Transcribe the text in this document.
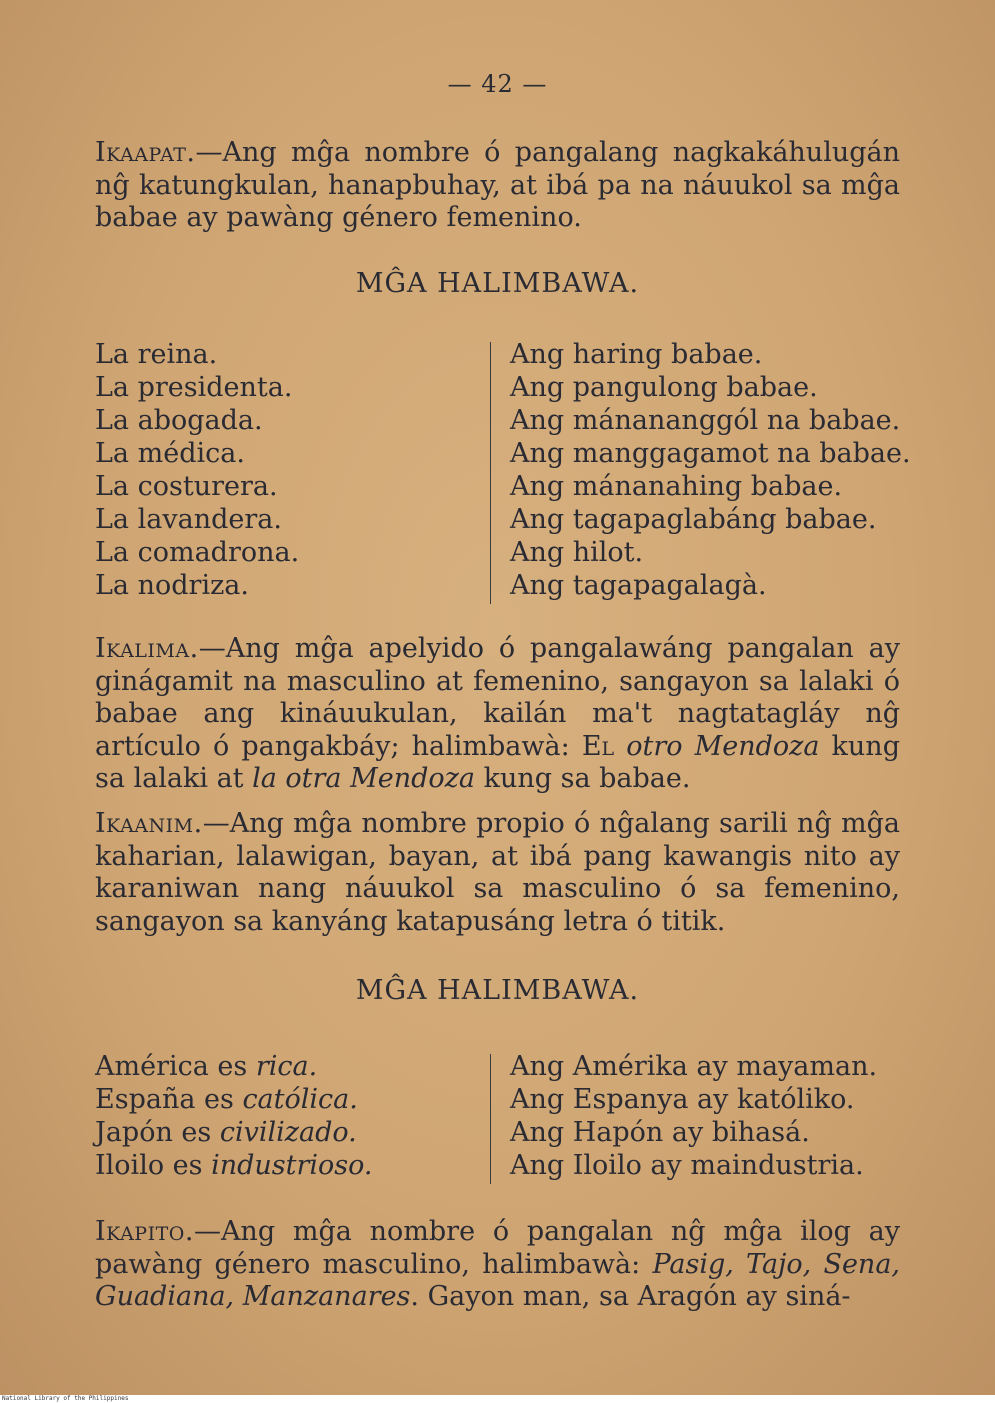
— 42 —

Ikaapat.—Ang mĝa nombre ó pangalang nagkakáhulugán nĝ katungkulan, hanapbuhay, at ibá pa na náuukol sa mĝa babae ay pawàng género femenino.

MĜA HALIMBAWA.
La reina.
La presidenta.
La abogada.
La médica.
La costurera.
La lavandera.
La comadrona.
La nodriza.
Ang haring babae.
Ang pangulong babae.
Ang mánananggól na babae.
Ang manggagamot na babae.
Ang mánanahing babae.
Ang tagapaglabáng babae.
Ang hilot.
Ang tagapagalagà.

Ikalima.—Ang mĝa apelyido ó pangalawáng pangalan ay ginágamit na masculino at femenino, sangayon sa lalaki ó babae ang kináuukulan, kailán ma't nagtatagláy nĝ artículo ó pangakbáy; halimbawà: El otro Mendoza kung sa lalaki at la otra Mendoza kung sa babae.

Ikaanim.—Ang mĝa nombre propio ó nĝalang sarili nĝ mĝa kaharian, lalawigan, bayan, at ibá pang kawangis nito ay karaniwan nang náuukol sa masculino ó sa femenino, sangayon sa kanyáng katapusáng letra ó titik.

MĜA HALIMBAWA.
América es rica.
España es católica.
Japón es civilizado.
Iloilo es industrioso.
Ang Amérika ay mayaman.
Ang Espanya ay katóliko.
Ang Hapón ay bihasá.
Ang Iloilo ay maindustria.

Ikapito.—Ang mĝa nombre ó pangalan nĝ mĝa ilog ay pawàng género masculino, halimbawà: Pasig, Tajo, Sena, Guadiana, Manzanares. Gayon man, sa Aragón ay siná-

National Library of the Philippines
